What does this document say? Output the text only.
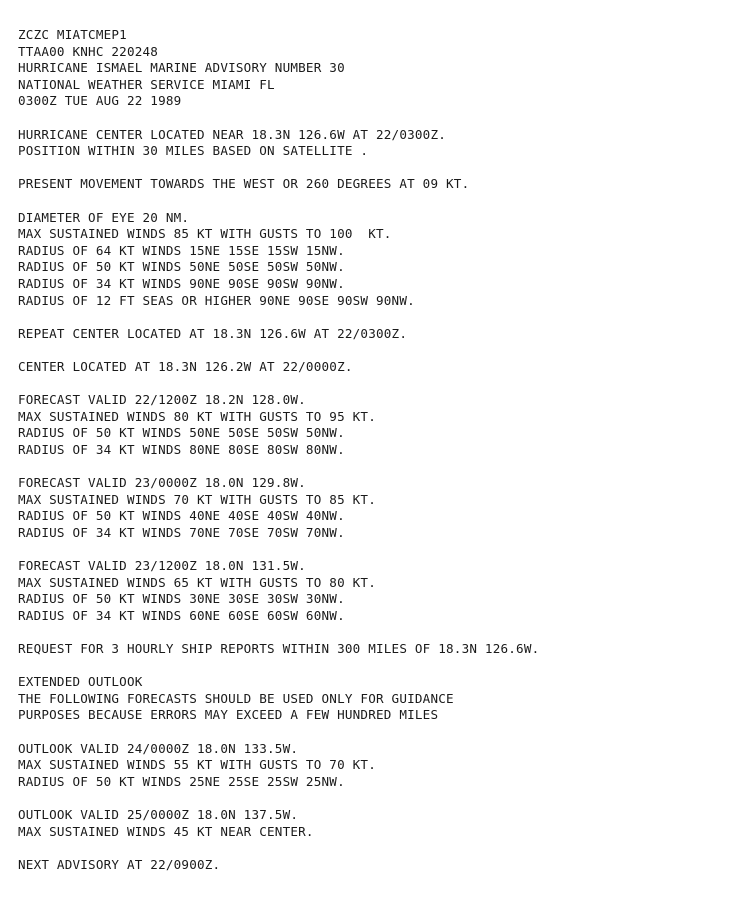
ZCZC MIATCMEP1
TTAA00 KNHC 220248
HURRICANE ISMAEL MARINE ADVISORY NUMBER 30
NATIONAL WEATHER SERVICE MIAMI FL
0300Z TUE AUG 22 1989
HURRICANE CENTER LOCATED NEAR 18.3N 126.6W AT 22/0300Z.
POSITION WITHIN 30 MILES BASED ON SATELLITE .
PRESENT MOVEMENT TOWARDS THE WEST OR 260 DEGREES AT 09 KT.
DIAMETER OF EYE 20 NM.
MAX SUSTAINED WINDS 85 KT WITH GUSTS TO 100  KT.
RADIUS OF 64 KT WINDS 15NE 15SE 15SW 15NW.
RADIUS OF 50 KT WINDS 50NE 50SE 50SW 50NW.
RADIUS OF 34 KT WINDS 90NE 90SE 90SW 90NW.
RADIUS OF 12 FT SEAS OR HIGHER 90NE 90SE 90SW 90NW.
REPEAT CENTER LOCATED AT 18.3N 126.6W AT 22/0300Z.
CENTER LOCATED AT 18.3N 126.2W AT 22/0000Z.
FORECAST VALID 22/1200Z 18.2N 128.0W.
MAX SUSTAINED WINDS 80 KT WITH GUSTS TO 95 KT.
RADIUS OF 50 KT WINDS 50NE 50SE 50SW 50NW.
RADIUS OF 34 KT WINDS 80NE 80SE 80SW 80NW.
FORECAST VALID 23/0000Z 18.0N 129.8W.
MAX SUSTAINED WINDS 70 KT WITH GUSTS TO 85 KT.
RADIUS OF 50 KT WINDS 40NE 40SE 40SW 40NW.
RADIUS OF 34 KT WINDS 70NE 70SE 70SW 70NW.
FORECAST VALID 23/1200Z 18.0N 131.5W.
MAX SUSTAINED WINDS 65 KT WITH GUSTS TO 80 KT.
RADIUS OF 50 KT WINDS 30NE 30SE 30SW 30NW.
RADIUS OF 34 KT WINDS 60NE 60SE 60SW 60NW.
REQUEST FOR 3 HOURLY SHIP REPORTS WITHIN 300 MILES OF 18.3N 126.6W.
EXTENDED OUTLOOK
THE FOLLOWING FORECASTS SHOULD BE USED ONLY FOR GUIDANCE
PURPOSES BECAUSE ERRORS MAY EXCEED A FEW HUNDRED MILES
OUTLOOK VALID 24/0000Z 18.0N 133.5W.
MAX SUSTAINED WINDS 55 KT WITH GUSTS TO 70 KT.
RADIUS OF 50 KT WINDS 25NE 25SE 25SW 25NW.
OUTLOOK VALID 25/0000Z 18.0N 137.5W.
MAX SUSTAINED WINDS 45 KT NEAR CENTER.
NEXT ADVISORY AT 22/0900Z.
